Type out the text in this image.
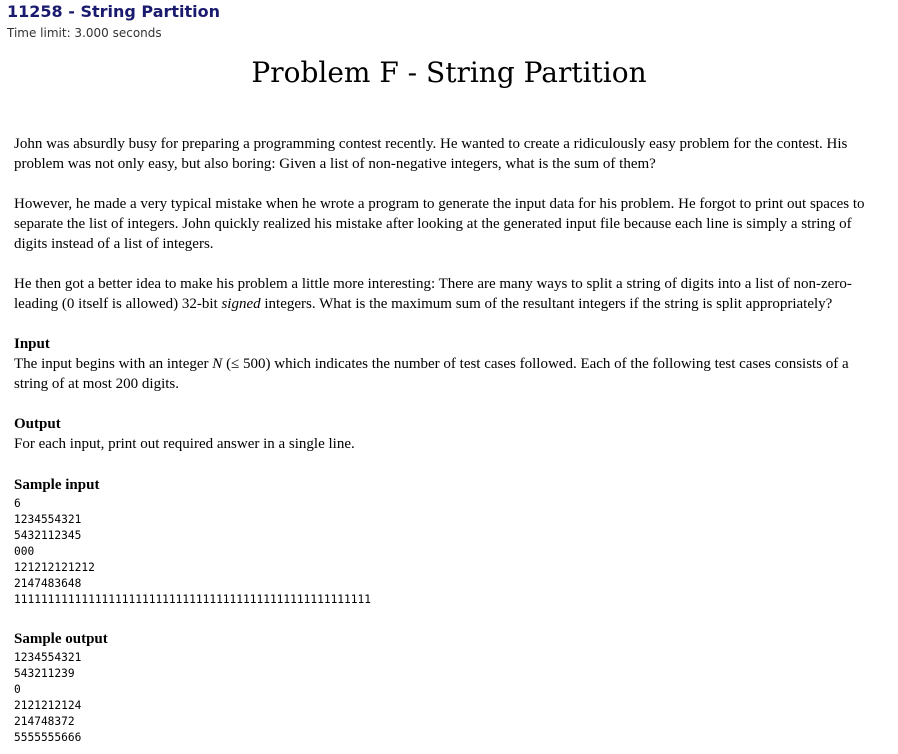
11258 - String Partition
Time limit: 3.000 seconds
Problem F - String Partition

John was absurdly busy for preparing a programming contest recently. He wanted to create a ridiculously easy problem for the contest. His problem was not only easy, but also boring: Given a list of non-negative integers, what is the sum of them?

However, he made a very typical mistake when he wrote a program to generate the input data for his problem. He forgot to print out spaces to separate the list of integers. John quickly realized his mistake after looking at the generated input file because each line is simply a string of digits instead of a list of integers.

He then got a better idea to make his problem a little more interesting: There are many ways to split a string of digits into a list of non-zero-leading (0 itself is allowed) 32-bit signed integers. What is the maximum sum of the resultant integers if the string is split appropriately?

Input

The input begins with an integer N (≤ 500) which indicates the number of test cases followed. Each of the following test cases consists of a string of at most 200 digits.

Output

For each input, print out required answer in a single line.

Sample input
6
1234554321
5432112345
000
121212121212
2147483648
11111111111111111111111111111111111111111111111111111
Sample output
1234554321
543211239
0
2121212124
214748372
5555555666
